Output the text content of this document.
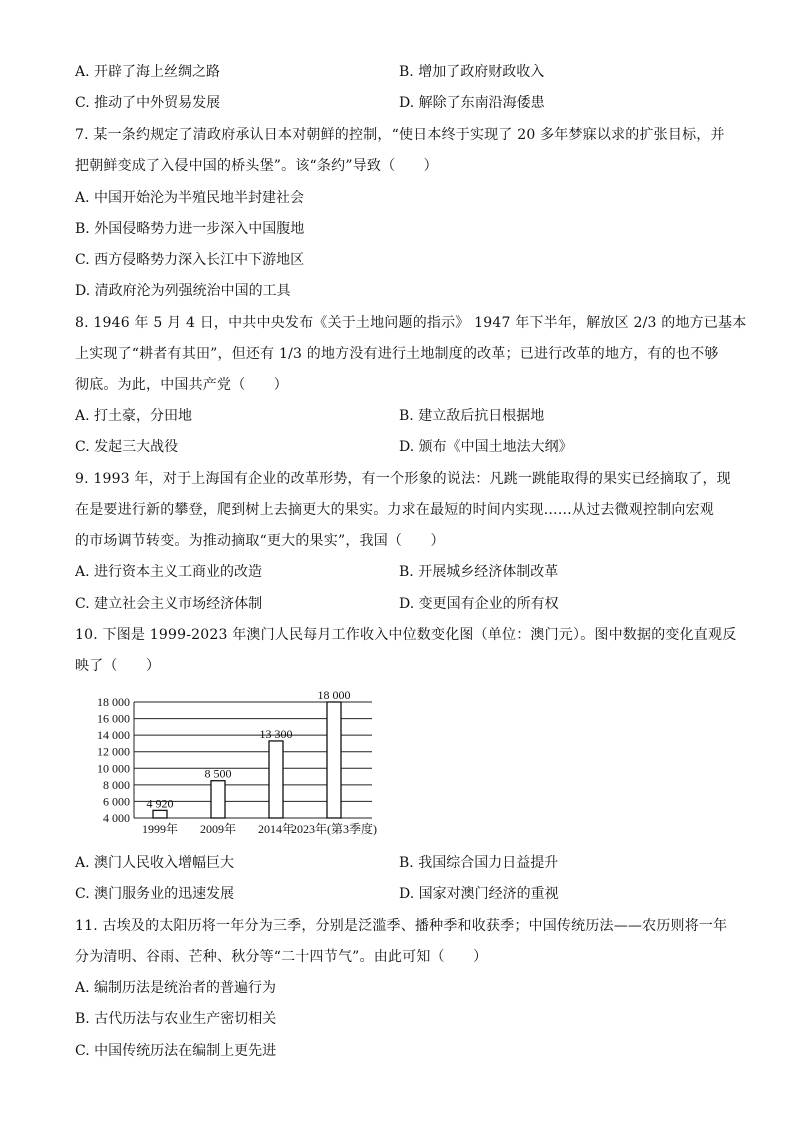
A. 开辟了海上丝绸之路	B. 增加了政府财政收入
C. 推动了中外贸易发展	D. 解除了东南沿海倭患
7. 某一条约规定了清政府承认日本对朝鲜的控制，“使日本终于实现了 20 多年梦寐以求的扩张目标，并
把朝鲜变成了入侵中国的桥头堡”。该“条约”导致（　　）
A. 中国开始沦为半殖民地半封建社会
B. 外国侵略势力进一步深入中国腹地
C. 西方侵略势力深入长江中下游地区
D. 清政府沦为列强统治中国的工具
8. 1946 年 5 月 4 日，中共中央发布《关于土地问题的指示》 1947 年下半年，解放区 2/3 的地方已基本
上实现了“耕者有其田”，但还有 1/3 的地方没有进行土地制度的改革；已进行改革的地方，有的也不够
彻底。为此，中国共产党（　　）
A. 打土豪，分田地	B. 建立敌后抗日根据地
C. 发起三大战役	D. 颁布《中国土地法大纲》
9. 1993 年，对于上海国有企业的改革形势，有一个形象的说法：凡跳一跳能取得的果实已经摘取了，现
在是要进行新的攀登，爬到树上去摘更大的果实。力求在最短的时间内实现……从过去微观控制向宏观
的市场调节转变。为推动摘取“更大的果实”，我国（　　）
A. 进行资本主义工商业的改造	B. 开展城乡经济体制改革
C. 建立社会主义市场经济体制	D. 变更国有企业的所有权
10. 下图是 1999-2023 年澳门人民每月工作收入中位数变化图（单位：澳门元）。图中数据的变化直观反
映了（　　）
18 000
16 000
14 000
12 000
10 000
8 000
6 000
4 000
4 920
1999年
8 500
2009年
13 300
2014年
18 000
2023年(第3季度)
A. 澳门人民收入增幅巨大	B. 我国综合国力日益提升
C. 澳门服务业的迅速发展	D. 国家对澳门经济的重视
11. 古埃及的太阳历将一年分为三季，分别是泛滥季、播种季和收获季；中国传统历法——农历则将一年
分为清明、谷雨、芒种、秋分等“二十四节气”。由此可知（　　）
A. 编制历法是统治者的普遍行为
B. 古代历法与农业生产密切相关
C. 中国传统历法在编制上更先进
